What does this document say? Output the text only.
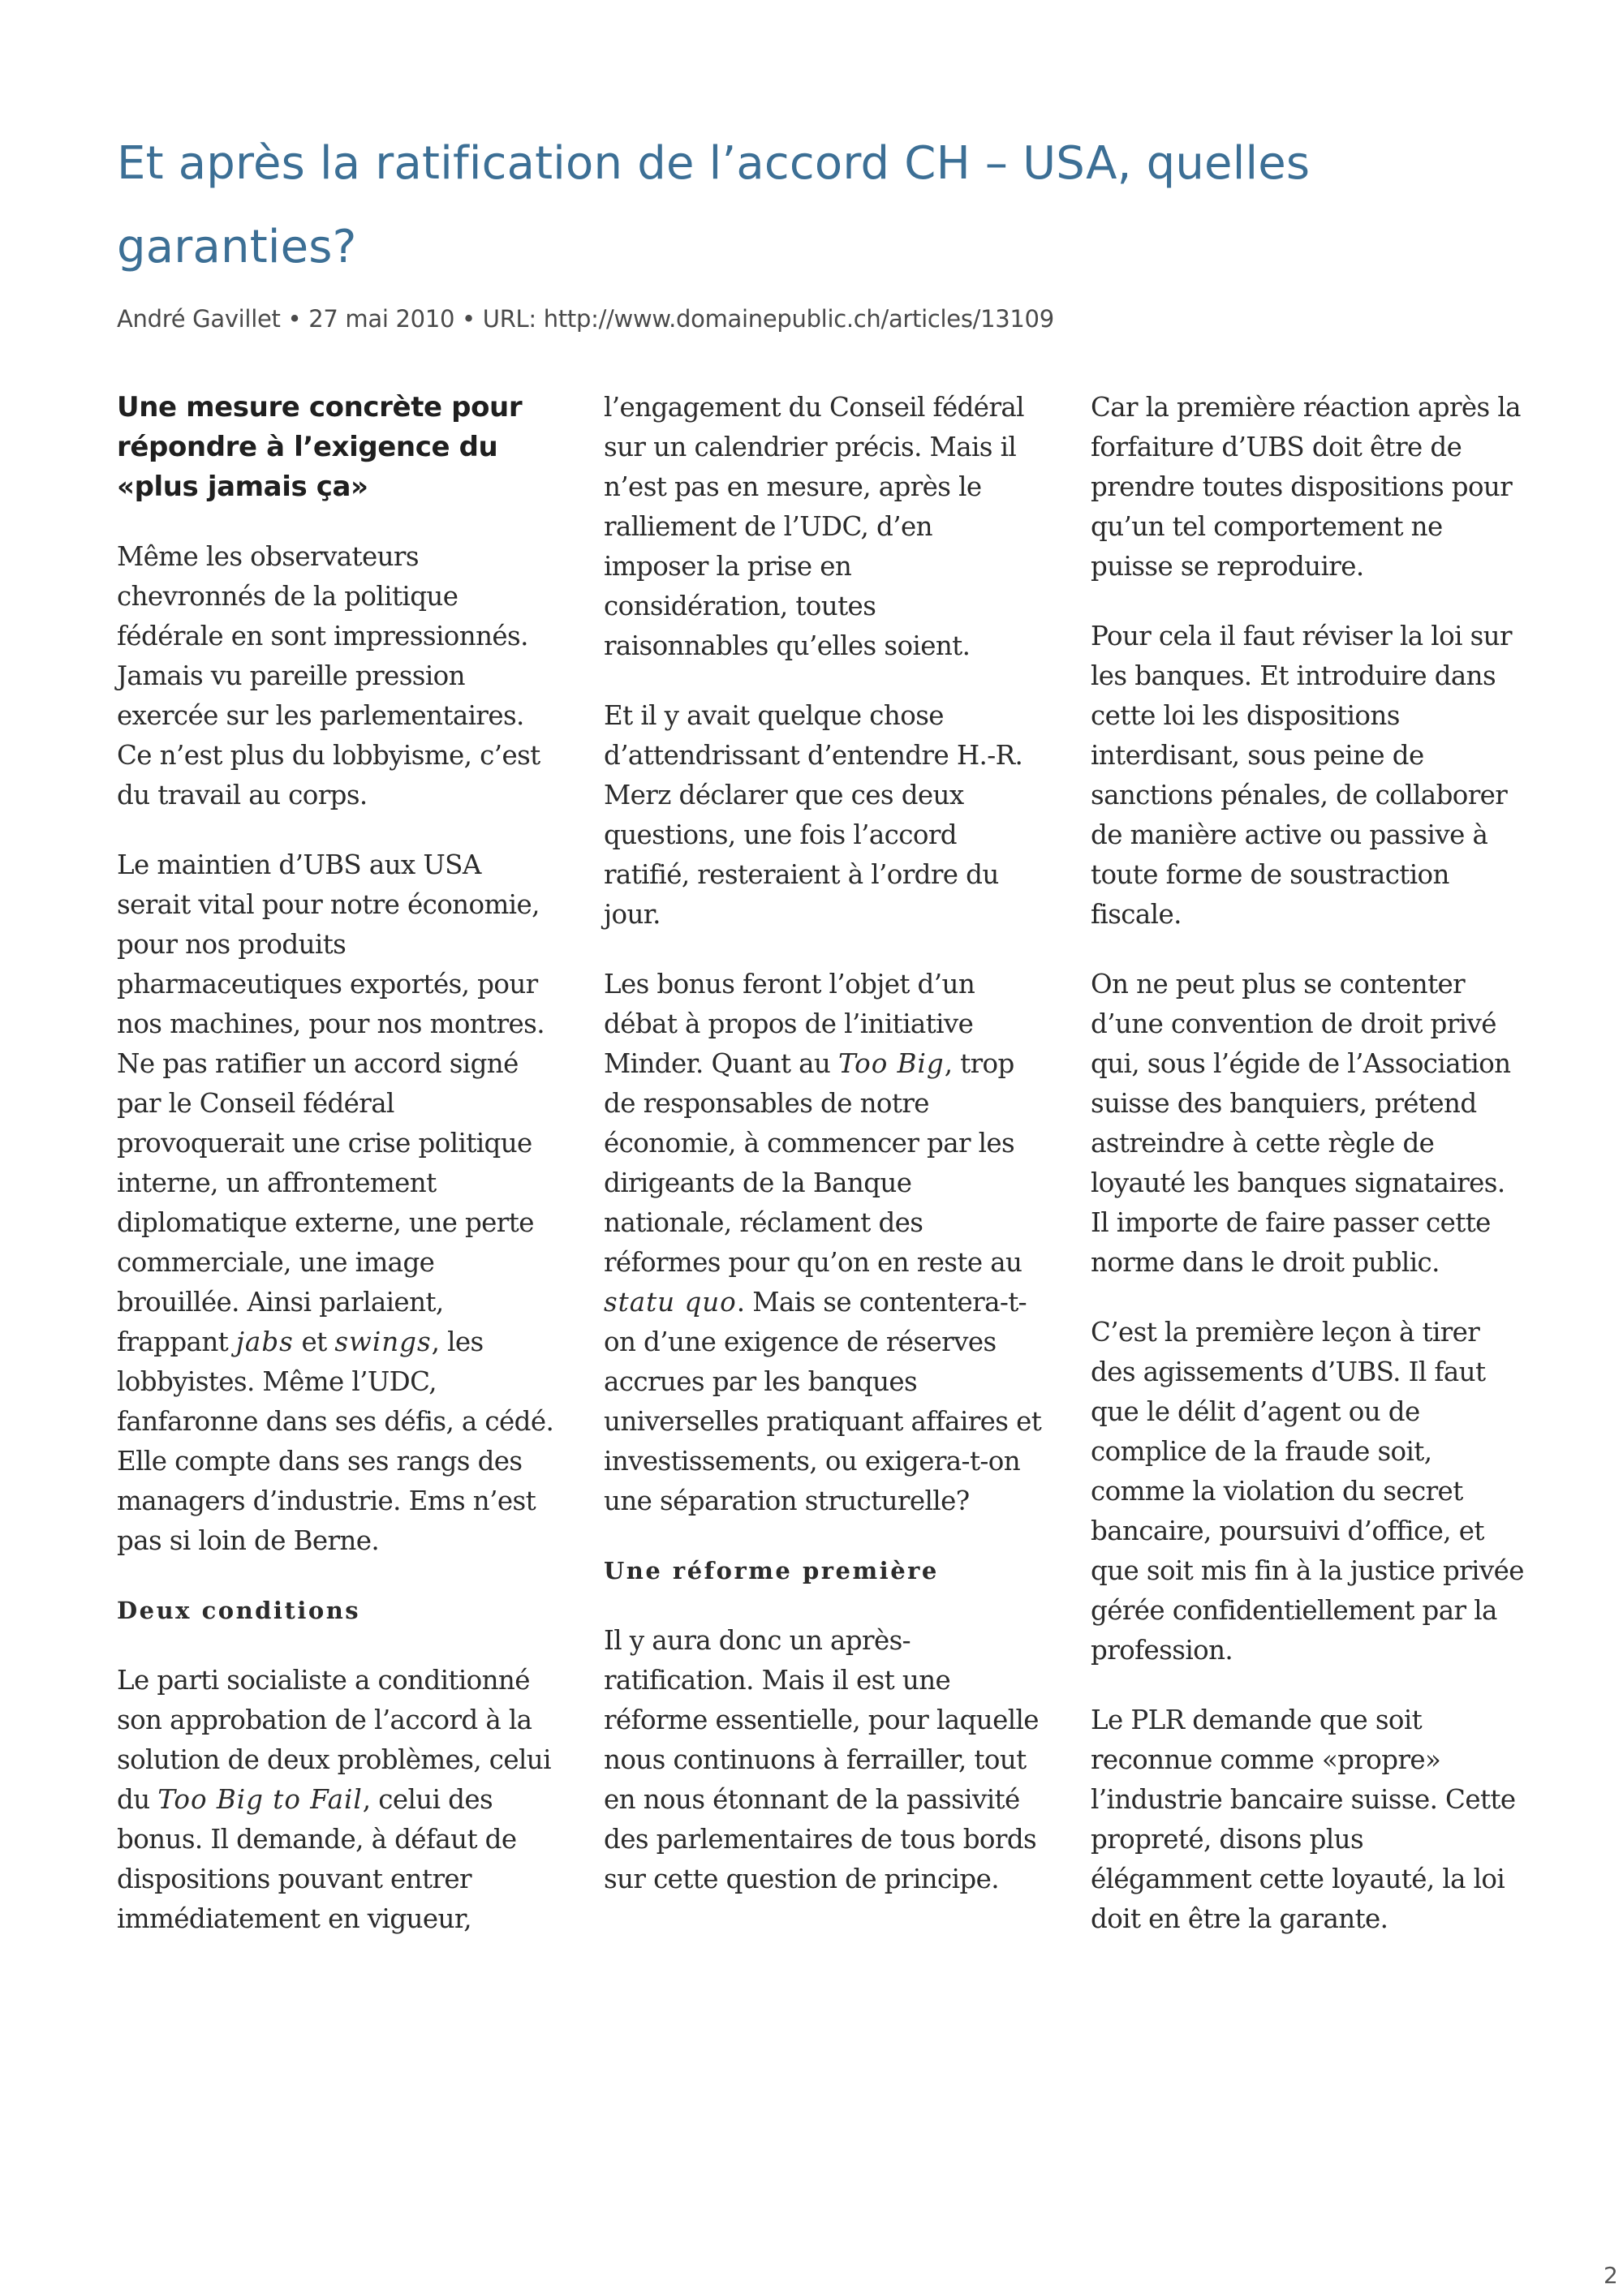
Et après la ratification de l’accord CH – USA, quelles garanties?
André Gavillet • 27 mai 2010 • URL: http://www.domainepublic.ch/articles/13109
Une mesure concrète pour répondre à l’exigence du «plus jamais ça»

Même les observateurs chevronnés de la politique fédérale en sont impressionnés. Jamais vu pareille pression exercée sur les parlementaires. Ce n’est plus du lobbyisme, c’est du travail au corps.

Le maintien d’UBS aux USA serait vital pour notre économie, pour nos produits pharmaceutiques exportés, pour nos machines, pour nos montres. Ne pas ratifier un accord signé par le Conseil fédéral provoquerait une crise politique interne, un affrontement diplomatique externe, une perte commerciale, une image brouillée. Ainsi parlaient, frappant jabs et swings, les lobbyistes. Même l’UDC, fanfaronne dans ses défis, a cédé. Elle compte dans ses rangs des managers d’industrie. Ems n’est pas si loin de Berne.

Deux conditions

Le parti socialiste a conditionné son approbation de l’accord à la solution de deux problèmes, celui du Too Big to Fail, celui des bonus. Il demande, à défaut de dispositions pouvant entrer immédiatement en vigueur,

l’engagement du Conseil fédéral sur un calendrier précis. Mais il n’est pas en mesure, après le ralliement de l’UDC, d’en imposer la prise en considération, toutes raisonnables qu’elles soient.

Et il y avait quelque chose d’attendrissant d’entendre H.-R. Merz déclarer que ces deux questions, une fois l’accord ratifié, resteraient à l’ordre du jour.

Les bonus feront l’objet d’un débat à propos de l’initiative Minder. Quant au Too Big, trop de responsables de notre économie, à commencer par les dirigeants de la Banque nationale, réclament des réformes pour qu’on en reste au statu quo. Mais se contentera-t-on d’une exigence de réserves accrues par les banques universelles pratiquant affaires et investissements, ou exigera-t-on une séparation structurelle?

Une réforme première

Il y aura donc un après-ratification. Mais il est une réforme essentielle, pour laquelle nous continuons à ferrailler, tout en nous étonnant de la passivité des parlementaires de tous bords sur cette question de principe.

Car la première réaction après la forfaiture d’UBS doit être de prendre toutes dispositions pour qu’un tel comportement ne puisse se reproduire.

Pour cela il faut réviser la loi sur les banques. Et introduire dans cette loi les dispositions interdisant, sous peine de sanctions pénales, de collaborer de manière active ou passive à toute forme de soustraction fiscale.

On ne peut plus se contenter d’une convention de droit privé qui, sous l’égide de l’Association suisse des banquiers, prétend astreindre à cette règle de loyauté les banques signataires. Il importe de faire passer cette norme dans le droit public.

C’est la première leçon à tirer des agissements d’UBS. Il faut que le délit d’agent ou de complice de la fraude soit, comme la violation du secret bancaire, poursuivi d’office, et que soit mis fin à la justice privée gérée confidentiellement par la profession.

Le PLR demande que soit reconnue comme «propre» l’industrie bancaire suisse. Cette propreté, disons plus élégamment cette loyauté, la loi doit en être la garante.

2
